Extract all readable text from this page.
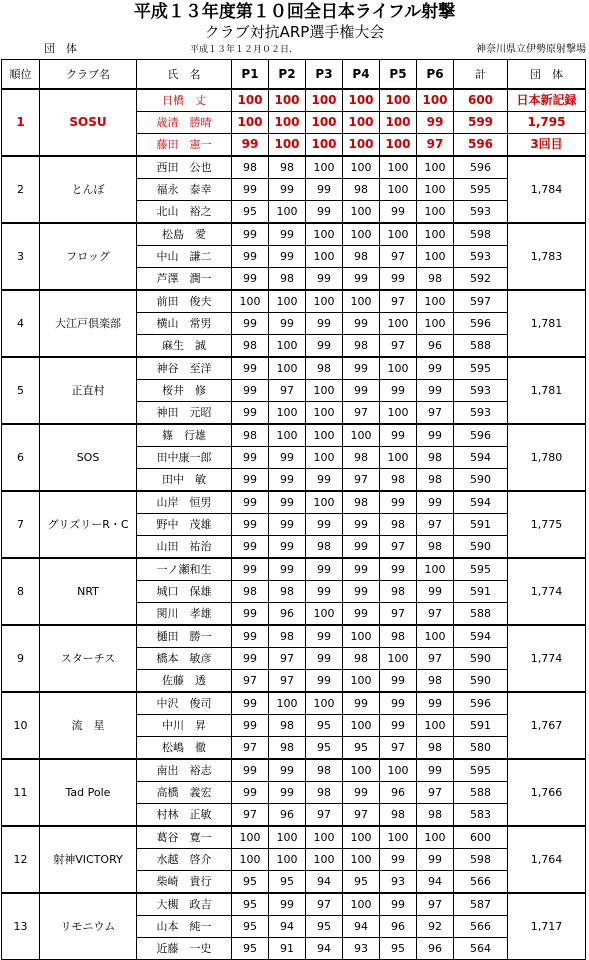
平成１３年度第１０回全日本ライフル射撃
クラブ対抗ARP選手権大会
団　体	平成１３年１２月０２日.	神奈川県立伊勢原射撃場
順位	クラブ名	氏　名	P1	P2	P3	P4	P5	P6	計	団　体
1	SOSU	日橋　丈	100	100	100	100	100	100	600	日本新記録
		歳清　勝晴	100	100	100	100	100	99	599	1,795
		藤田　憲一	99	100	100	100	100	97	596	3回目
2	とんぼ	西田　公也	98	98	100	100	100	100	596	1,784
		福永　泰幸	99	99	99	98	100	100	595	
		北山　裕之	95	100	99	100	99	100	593	
3	フロッグ	松島　愛	99	99	100	100	100	100	598	1,783
		中山　謙二	99	99	100	98	97	100	593	
		芦澤　潤一	99	98	99	99	99	98	592	
4	大江戸倶楽部	前田　俊夫	100	100	100	100	97	100	597	1,781
		横山　常男	99	99	99	99	100	100	596	
		麻生　誠	98	100	99	98	97	96	588	
5	正直村	神谷　至洋	99	100	98	99	100	99	595	1,781
		桜井　修	99	97	100	99	99	99	593	
		神田　元昭	99	100	100	97	100	97	593	
6	SOS	篠　行雄	98	100	100	100	99	99	596	1,780
		田中康一郎	99	99	100	98	100	98	594	
		田中　敏	99	99	99	97	98	98	590	
7	グリズリーR・C	山岸　恒男	99	99	100	98	99	99	594	1,775
		野中　茂雄	99	99	99	99	98	97	591	
		山田　祐治	99	99	98	99	97	98	590	
8	NRT	一ノ瀬和生	99	99	99	99	99	100	595	1,774
		城口　保雄	98	98	99	99	98	99	591	
		関川　孝雄	99	96	100	99	97	97	588	
9	スターチス	樋田　勝一	99	98	99	100	98	100	594	1,774
		橋本　敏彦	99	97	99	98	100	97	590	
		佐藤　透	97	97	99	100	99	98	590	
10	流　星	中沢　俊司	99	100	100	99	99	99	596	1,767
		中川　昇	99	98	95	100	99	100	591	
		松嶋　徹	97	98	95	95	97	98	580	
11	Tad Pole	南出　裕志	99	99	98	100	100	99	595	1,766
		高橋　義宏	99	99	98	99	96	97	588	
		村林　正敏	97	96	97	97	98	98	583	
12	射神VICTORY	葛谷　寛一	100	100	100	100	100	100	600	1,764
		水越　啓介	100	100	100	100	99	99	598	
		柴崎　貴行	95	95	94	95	93	94	566	
13	リモニウム	大槻　政吉	95	99	97	100	99	97	587	1,717
		山本　純一	95	94	95	94	96	92	566	
		近藤　一史	95	91	94	93	95	96	564	
